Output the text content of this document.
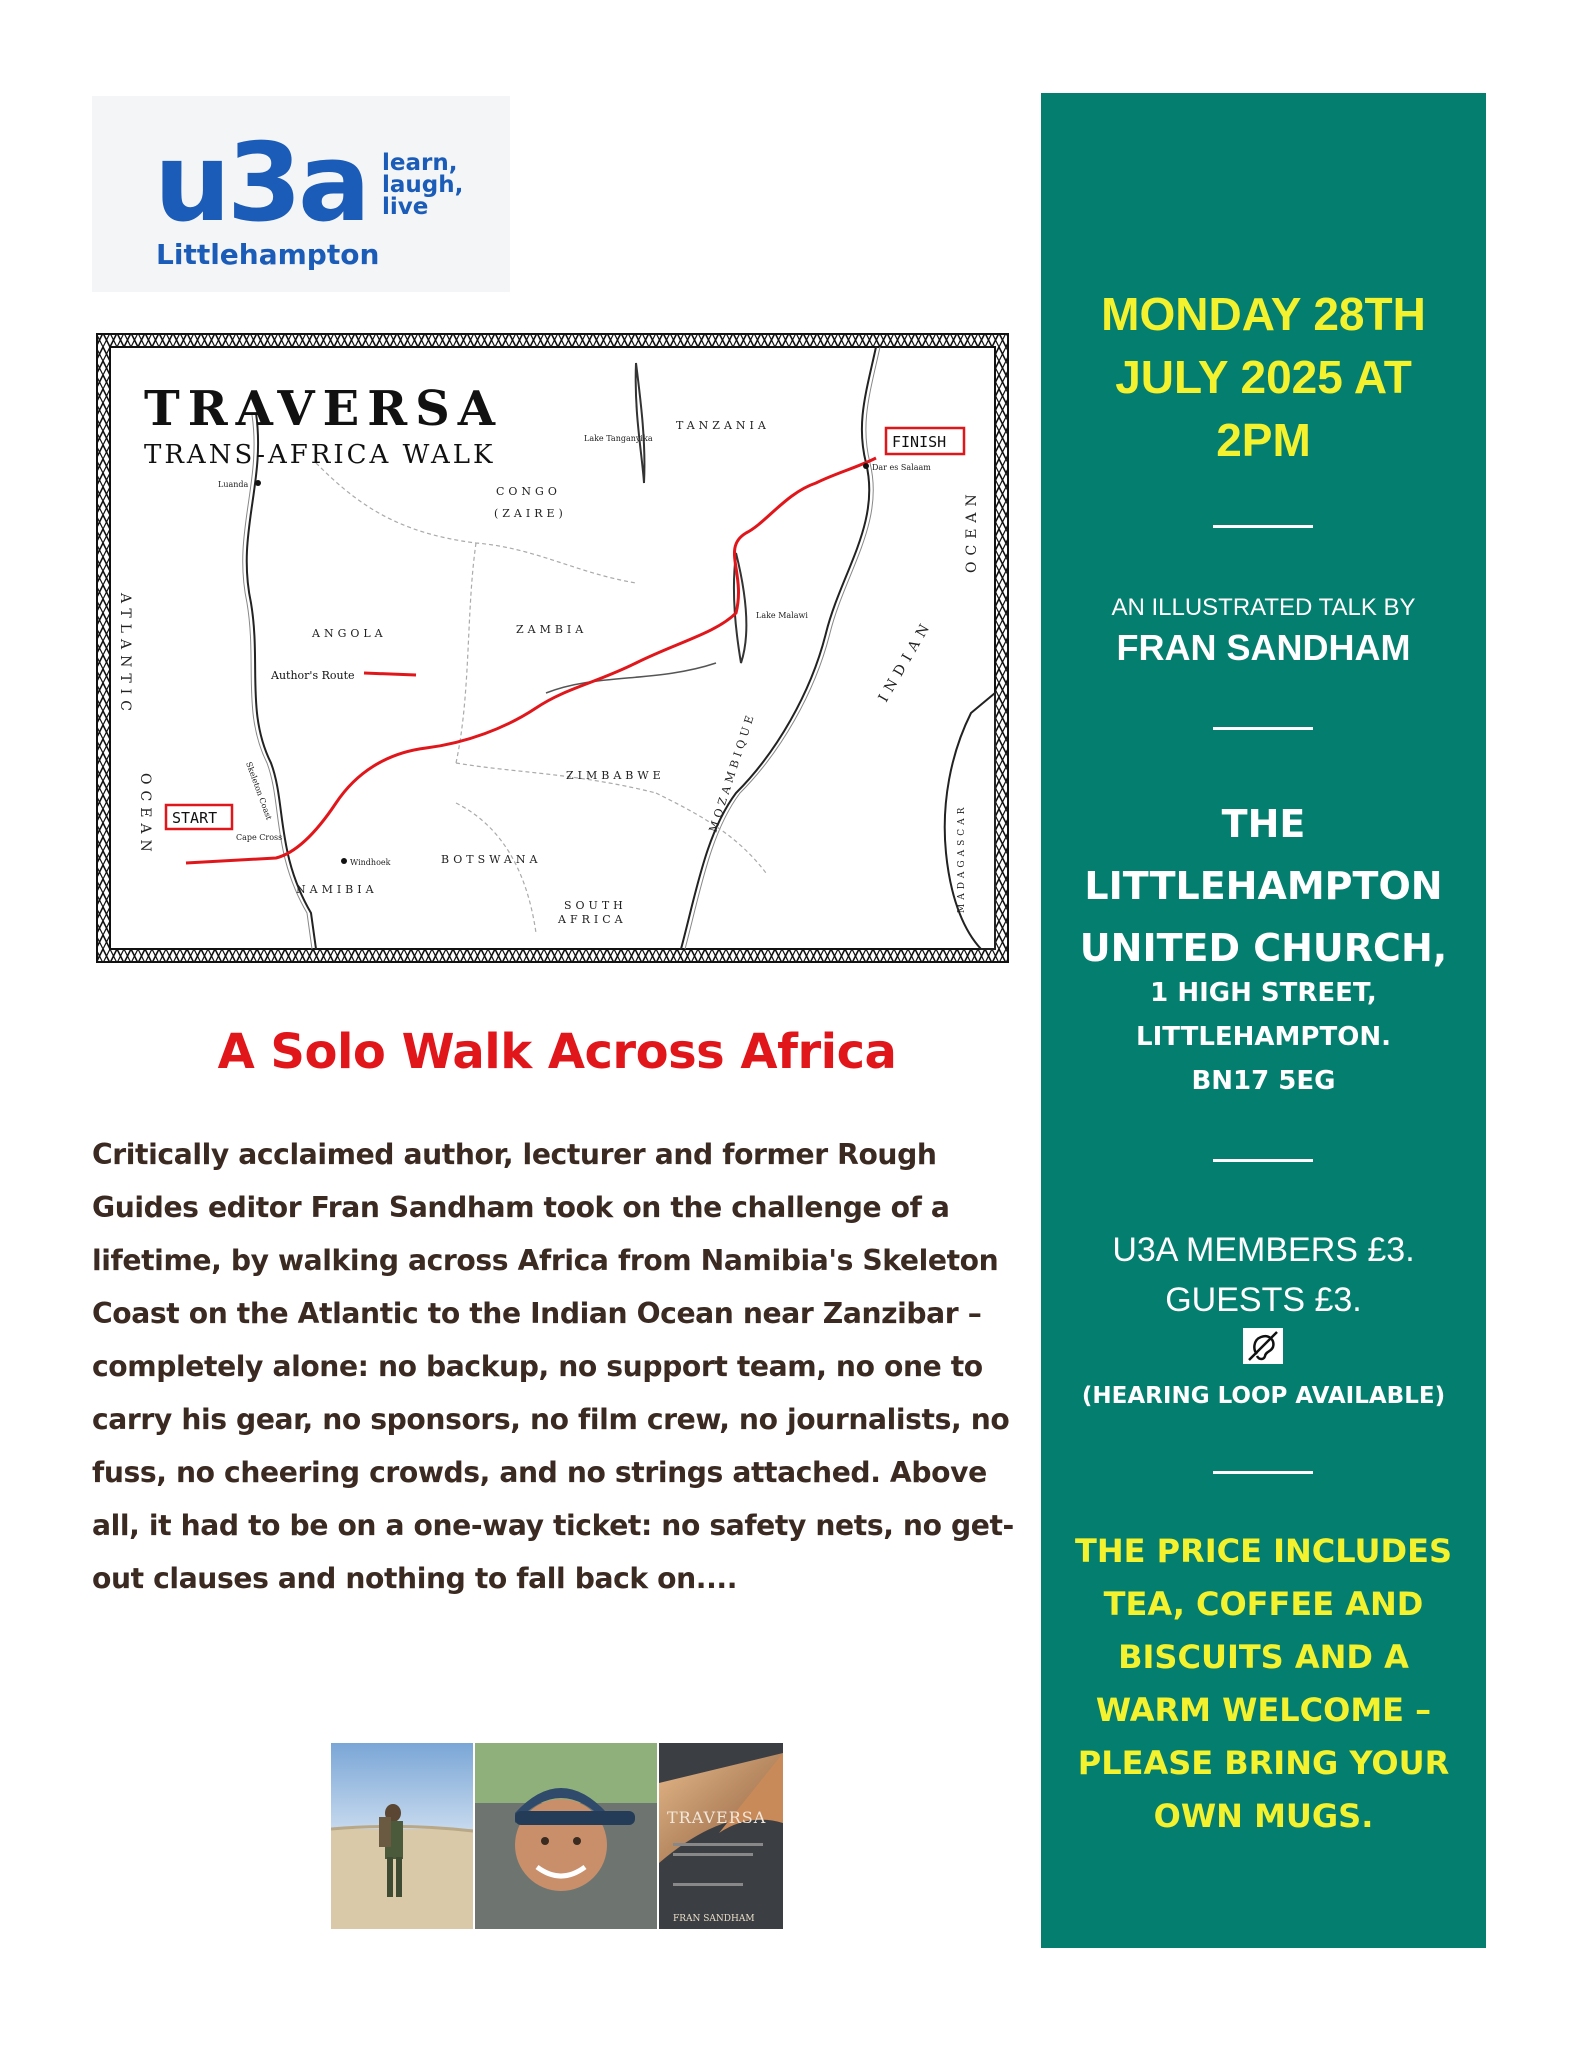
u3a learn,
laugh,
live
Littlehampton
TRAVERSA
TRANS-AFRICA WALK	FINISH
START
Author's Route
TANZANIA
CONGO
(ZAIRE)
ANGOLA	ZAMBIA
ZIMBABWE
BOTSWANA
NAMIBIA
SOUTH
AFRICA
MOZAMBIQUE
MADAGASCAR
ATLANTIC
OCEAN
INDIAN
OCEAN
Luanda
Windhoek
Dar es Salaam
Lake Tanganyika
Lake Malawi
Skeleton Coast
Cape Cross
A Solo Walk Across Africa
Critically acclaimed author, lecturer and former Rough Guides editor Fran Sandham took on the challenge of a lifetime, by walking across Africa from Namibia's Skeleton Coast on the Atlantic to the Indian Ocean near Zanzibar – completely alone: no backup, no support team, no one to carry his gear, no sponsors, no film crew, no journalists, no fuss, no cheering crowds, and no strings attached. Above all, it had to be on a one-way ticket: no safety nets, no get-out clauses and nothing to fall back on....
TRAVERSA
FRAN SANDHAM
MONDAY 28TH
JULY 2025 AT
2PM
AN ILLUSTRATED TALK BY
FRAN SANDHAM
THE
LITTLEHAMPTON
UNITED CHURCH,
1 HIGH STREET,
LITTLEHAMPTON.
BN17 5EG
U3A MEMBERS £3.
GUESTS £3.
(HEARING LOOP AVAILABLE)
THE PRICE INCLUDES
TEA, COFFEE AND
BISCUITS AND A
WARM WELCOME –
PLEASE BRING YOUR
OWN MUGS.
